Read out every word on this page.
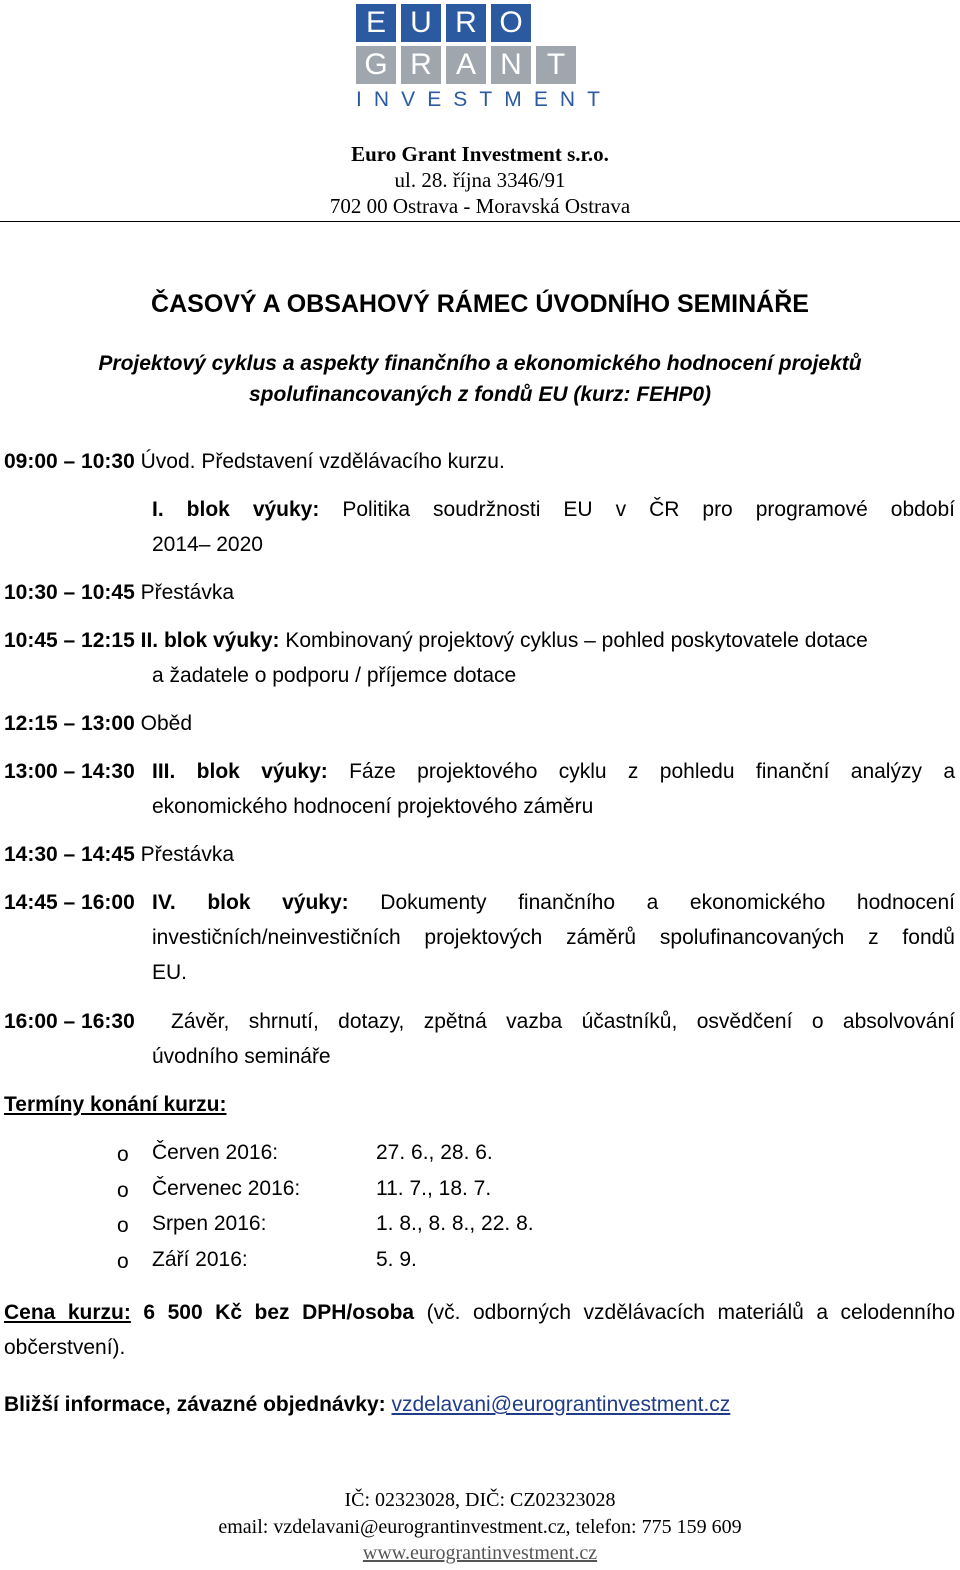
E U R O
G R A N T
I N V E S T M E N T
Euro Grant Investment s.r.o.
ul. 28. října 3346/91
702 00 Ostrava - Moravská Ostrava
ČASOVÝ A OBSAHOVÝ RÁMEC ÚVODNÍHO SEMINÁŘE
Projektový cyklus a aspekty finančního a ekonomického hodnocení projektů
spolufinancovaných z fondů EU (kurz: FEHP0)
09:00 – 10:30 Úvod. Představení vzdělávacího kurzu.
I. blok výuky: Politika soudržnosti EU v ČR pro programové období
2014– 2020
10:30 – 10:45 Přestávka
10:45 – 12:15 II. blok výuky: Kombinovaný projektový cyklus – pohled poskytovatele dotace
a žadatele o podporu / příjemce dotace
12:15 – 13:00 Oběd
13:00 – 14:30 III. blok výuky: Fáze projektového cyklu z pohledu finanční analýzy a
ekonomického hodnocení projektového záměru
14:30 – 14:45 Přestávka
14:45 – 16:00 IV. blok výuky: Dokumenty finančního a ekonomického hodnocení
investičních/neinvestičních projektových záměrů spolufinancovaných z fondů
EU.
16:00 – 16:30 Závěr, shrnutí, dotazy, zpětná vazba účastníků, osvědčení o absolvování
úvodního semináře
Termíny konání kurzu:
o Červen 2016:	27. 6., 28. 6.
o Červenec 2016:	11. 7., 18. 7.
o Srpen 2016:	1. 8., 8. 8., 22. 8.
o Září 2016:	5. 9.
Cena kurzu: 6 500 Kč bez DPH/osoba (vč. odborných vzdělávacích materiálů a celodenního
občerstvení).
Bližší informace, závazné objednávky: vzdelavani@eurograntinvestment.cz
IČ: 02323028, DIČ: CZ02323028
email: vzdelavani@eurograntinvestment.cz, telefon: 775 159 609
www.eurograntinvestment.cz
